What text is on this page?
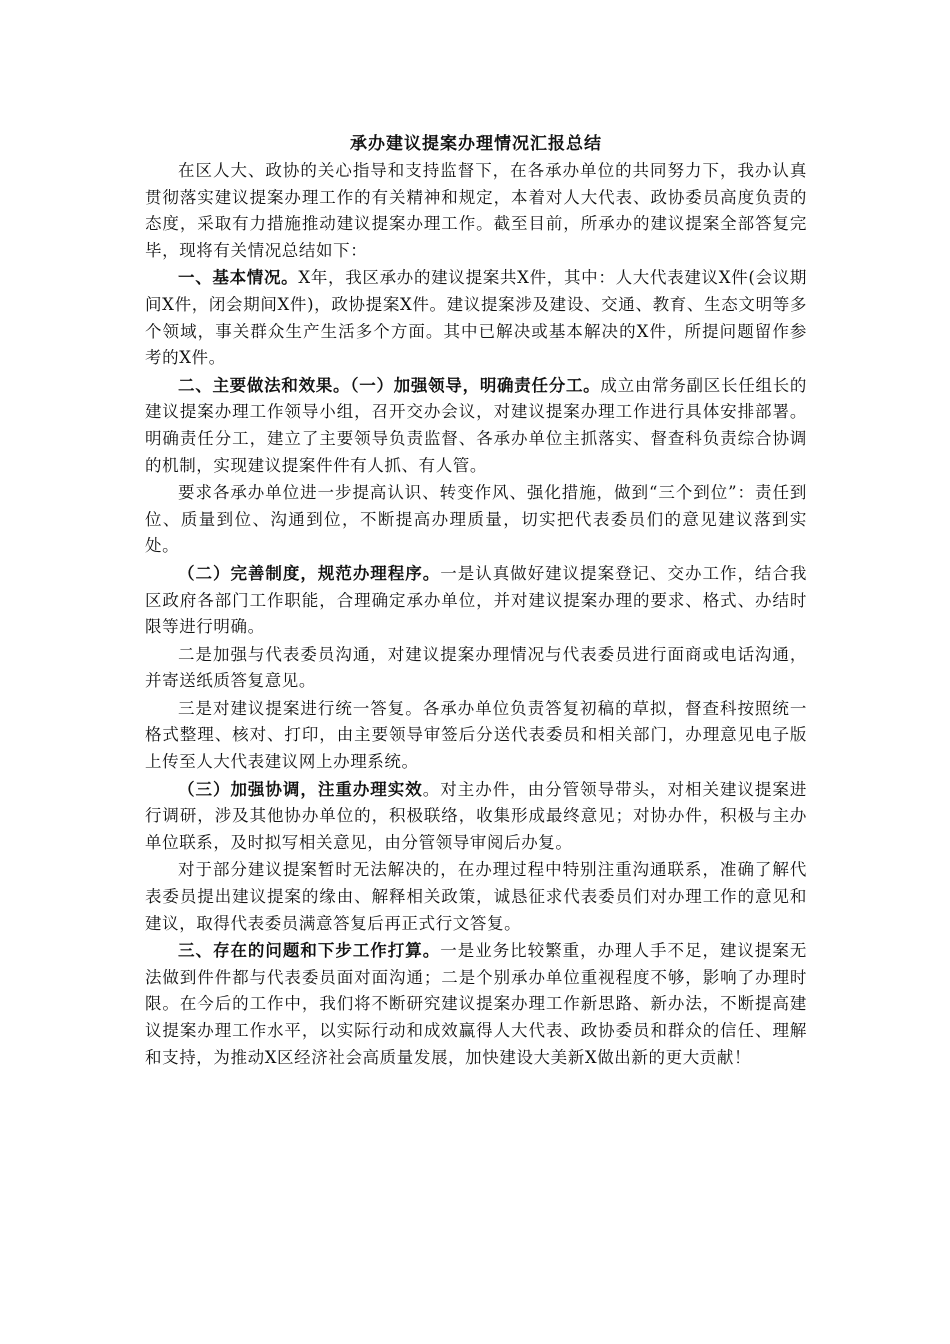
承办建议提案办理情况汇报总结

在区人大、政协的关心指导和支持监督下，在各承办单位的共同努力下，我办认真贯彻落实建议提案办理工作的有关精神和规定，本着对人大代表、政协委员高度负责的态度，采取有力措施推动建议提案办理工作。截至目前，所承办的建议提案全部答复完毕，现将有关情况总结如下：

一、基本情况。X年，我区承办的建议提案共X件，其中：人大代表建议X件(会议期间X件，闭会期间X件)，政协提案X件。建议提案涉及建设、交通、教育、生态文明等多个领域，事关群众生产生活多个方面。其中已解决或基本解决的X件，所提问题留作参考的X件。

二、主要做法和效果。（一）加强领导，明确责任分工。成立由常务副区长任组长的建议提案办理工作领导小组，召开交办会议，对建议提案办理工作进行具体安排部署。明确责任分工，建立了主要领导负责监督、各承办单位主抓落实、督查科负责综合协调的机制，实现建议提案件件有人抓、有人管。

要求各承办单位进一步提高认识、转变作风、强化措施，做到“三个到位”：责任到位、质量到位、沟通到位，不断提高办理质量，切实把代表委员们的意见建议落到实处。

（二）完善制度，规范办理程序。一是认真做好建议提案登记、交办工作，结合我区政府各部门工作职能，合理确定承办单位，并对建议提案办理的要求、格式、办结时限等进行明确。

二是加强与代表委员沟通，对建议提案办理情况与代表委员进行面商或电话沟通，并寄送纸质答复意见。

三是对建议提案进行统一答复。各承办单位负责答复初稿的草拟，督查科按照统一格式整理、核对、打印，由主要领导审签后分送代表委员和相关部门，办理意见电子版上传至人大代表建议网上办理系统。

（三）加强协调，注重办理实效。对主办件，由分管领导带头，对相关建议提案进行调研，涉及其他协办单位的，积极联络，收集形成最终意见；对协办件，积极与主办单位联系，及时拟写相关意见，由分管领导审阅后办复。

对于部分建议提案暂时无法解决的，在办理过程中特别注重沟通联系，准确了解代表委员提出建议提案的缘由、解释相关政策，诚恳征求代表委员们对办理工作的意见和建议，取得代表委员满意答复后再正式行文答复。

三、存在的问题和下步工作打算。一是业务比较繁重，办理人手不足，建议提案无法做到件件都与代表委员面对面沟通；二是个别承办单位重视程度不够，影响了办理时限。在今后的工作中，我们将不断研究建议提案办理工作新思路、新办法，不断提高建议提案办理工作水平，以实际行动和成效赢得人大代表、政协委员和群众的信任、理解和支持，为推动X区经济社会高质量发展，加快建设大美新X做出新的更大贡献！
